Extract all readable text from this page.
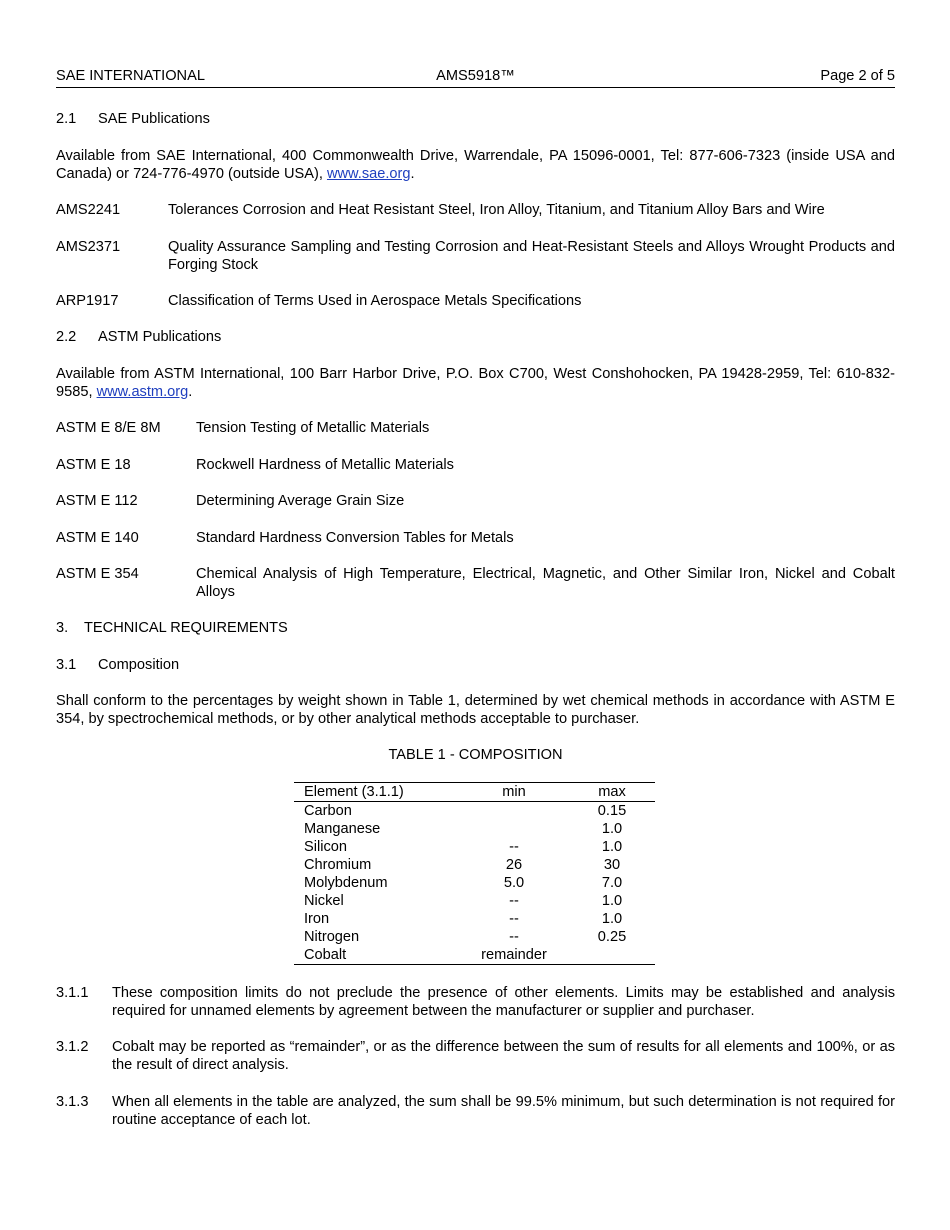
SAE INTERNATIONAL	AMS5918™	Page 2 of 5
2.1 SAE Publications
Available from SAE International, 400 Commonwealth Drive, Warrendale, PA 15096-0001, Tel: 877-606-7323 (inside USA and Canada) or 724-776-4970 (outside USA), www.sae.org.
AMS2241	Tolerances Corrosion and Heat Resistant Steel, Iron Alloy, Titanium, and Titanium Alloy Bars and Wire
AMS2371	Quality Assurance Sampling and Testing Corrosion and Heat-Resistant Steels and Alloys Wrought Products and Forging Stock
ARP1917	Classification of Terms Used in Aerospace Metals Specifications
2.2 ASTM Publications
Available from ASTM International, 100 Barr Harbor Drive, P.O. Box C700, West Conshohocken, PA 19428-2959, Tel: 610-832-9585, www.astm.org.
ASTM E 8/E 8M Tension Testing of Metallic Materials
ASTM E 18	Rockwell Hardness of Metallic Materials
ASTM E 112	Determining Average Grain Size
ASTM E 140	Standard Hardness Conversion Tables for Metals
ASTM E 354	Chemical Analysis of High Temperature, Electrical, Magnetic, and Other Similar Iron, Nickel and Cobalt Alloys
3. TECHNICAL REQUIREMENTS
3.1 Composition
Shall conform to the percentages by weight shown in Table 1, determined by wet chemical methods in accordance with ASTM E 354, by spectrochemical methods, or by other analytical methods acceptable to purchaser.
TABLE 1 - COMPOSITION
Element (3.1.1)	min	max
Carbon		0.15
Manganese		1.0
Silicon	--	1.0
Chromium	26	30
Molybdenum	5.0	7.0
Nickel	--	1.0
Iron	--	1.0
Nitrogen	--	0.25
Cobalt	remainder	
3.1.1 These composition limits do not preclude the presence of other elements. Limits may be established and analysis required for unnamed elements by agreement between the manufacturer or supplier and purchaser.
3.1.2 Cobalt may be reported as “remainder”, or as the difference between the sum of results for all elements and 100%, or as the result of direct analysis.
3.1.3 When all elements in the table are analyzed, the sum shall be 99.5% minimum, but such determination is not required for routine acceptance of each lot.
